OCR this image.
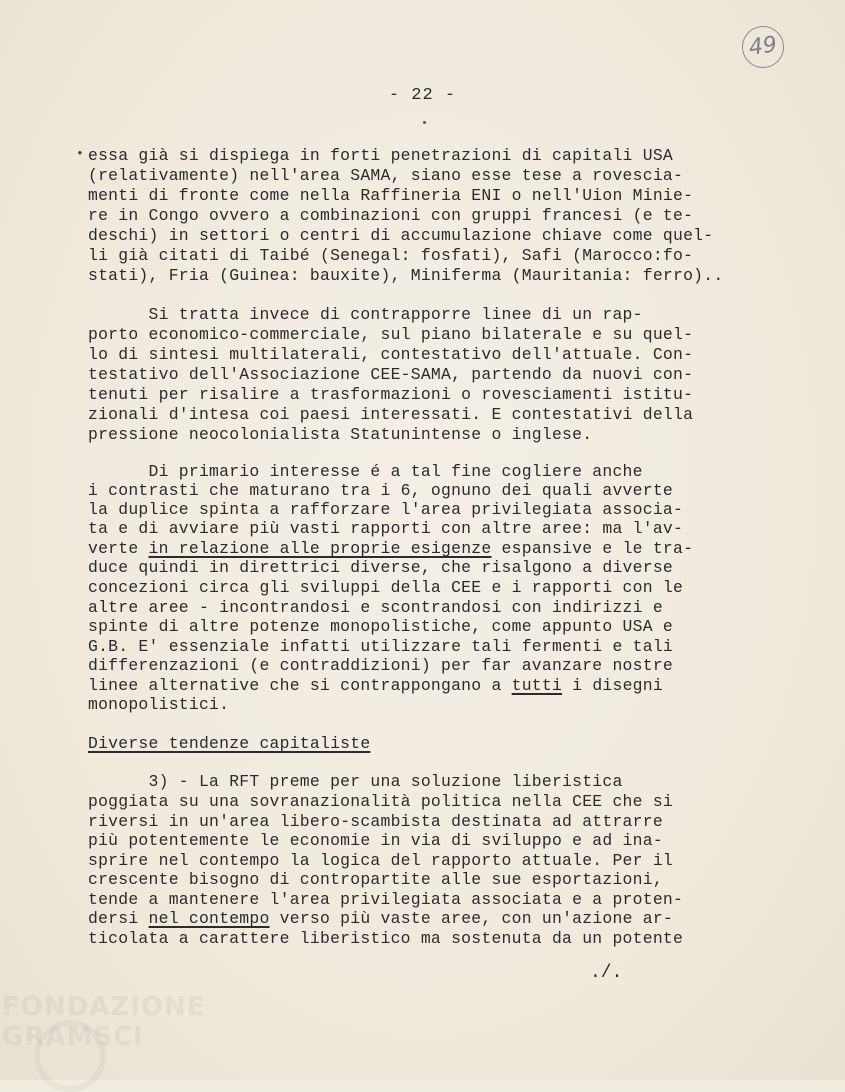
49
- 22 -
• essa già si dispiega in forti penetrazioni di capitali USA

(relativamente) nell'area SAMA, siano esse tese a rovescia-

menti di fronte come nella Raffineria ENI o nell'Uion Minie-

re in Congo ovvero a combinazioni con gruppi francesi (e te-

deschi) in settori o centri di accumulazione chiave come quel-

li già citati di Taibé (Senegal: fosfati), Safi (Marocco:fo-

stati), Fria (Guinea: bauxite), Miniferma (Mauritania: ferro)..

Si tratta invece di contrapporre linee di un rap-

porto economico-commerciale, sul piano bilaterale e su quel-

lo di sintesi multilaterali, contestativo dell'attuale. Con-

testativo dell'Associazione CEE-SAMA, partendo da nuovi con-

tenuti per risalire a trasformazioni o rovesciamenti istitu-

zionali d'intesa coi paesi interessati. E contestativi della

pressione neocolonialista Statunintense o inglese.

Di primario interesse é a tal fine cogliere anche

i contrasti che maturano tra i 6, ognuno dei quali avverte

la duplice spinta a rafforzare l'area privilegiata associa-

ta e di avviare più vasti rapporti con altre aree: ma l'av-

verte in relazione alle proprie esigenze espansive e le tra-

duce quindi in direttrici diverse, che risalgono a diverse

concezioni circa gli sviluppi della CEE e i rapporti con le

altre aree - incontrandosi e scontrandosi con indirizzi e

spinte di altre potenze monopolistiche, come appunto USA e

G.B. E' essenziale infatti utilizzare tali fermenti e tali

differenzazioni (e contraddizioni) per far avanzare nostre

linee alternative che si contrappongano a tutti i disegni

monopolistici.

Diverse tendenze capitaliste

3) - La RFT preme per una soluzione liberistica

poggiata su una sovranazionalità politica nella CEE che si

riversi in un'area libero-scambista destinata ad attrarre

più potentemente le economie in via di sviluppo e ad ina-

sprire nel contempo la logica del rapporto attuale. Per il

crescente bisogno di contropartite alle sue esportazioni,

tende a mantenere l'area privilegiata associata e a proten-

dersi nel contempo verso più vaste aree, con un'azione ar-

ticolata a carattere liberistico ma sostenuta da un potente

./.
FONDAZIONE GRAMSCI
